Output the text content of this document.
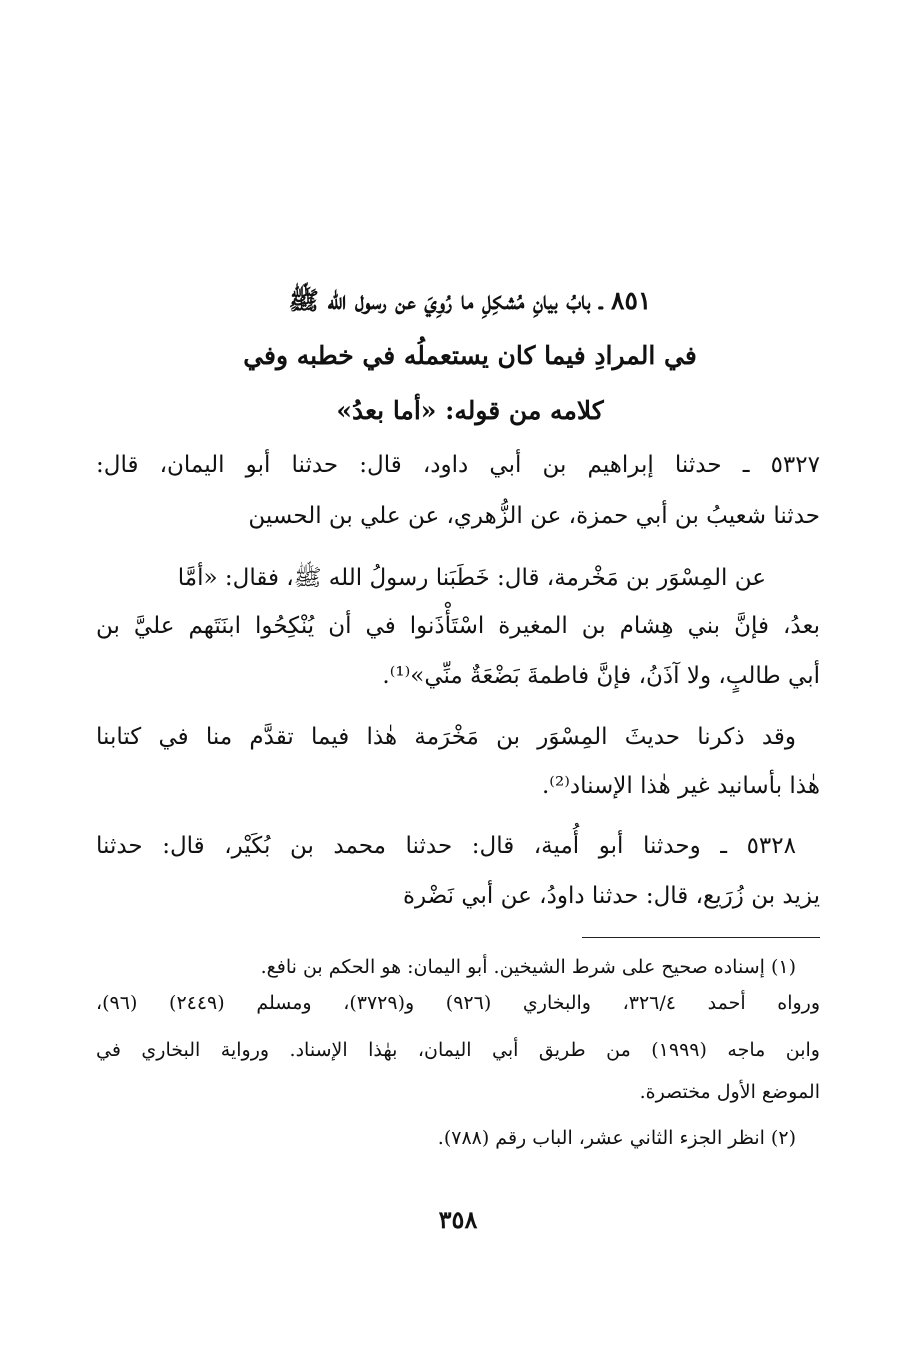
٨٥١ ـ بابُ بيانِ مُشكِلِ ما رُوِيَ عن رسول الله ﷺ
في المرادِ فيما كان يستعملُه في خطبه وفي
كلامه من قوله: «أما بعدُ»
٥٣٢٧ ـ حدثنا إبراهيم بن أبي داود، قال: حدثنا أبو اليمان، قال:
حدثنا شعيبُ بن أبي حمزة، عن الزُّهري، عن علي بن الحسين
عن المِسْوَر بن مَخْرمة، قال: خَطَبَنا رسولُ الله ﷺ، فقال: «أمَّا
بعدُ، فإنَّ بني هِشام بن المغيرة اسْتَأْذَنوا في أن يُنْكِحُوا ابنَتَهم عليَّ بن
أبي طالبٍ، ولا آذَنُ، فإنَّ فاطمةَ بَضْعَةٌ منِّي»⁽¹⁾.
وقد ذكرنا حديثَ المِسْوَر بن مَخْرَمة هٰذا فيما تقدَّم منا في كتابنا
هٰذا بأسانيد غير هٰذا الإسناد⁽²⁾.
٥٣٢٨ ـ وحدثنا أبو أُمية، قال: حدثنا محمد بن بُكَيْر، قال: حدثنا
يزيد بن زُرَيع، قال: حدثنا داودُ، عن أبي نَضْرة
(١) إسناده صحيح على شرط الشيخين. أبو اليمان: هو الحكم بن نافع.
ورواه أحمد ٣٢٦/٤، والبخاري (٩٢٦) و(٣٧٢٩)، ومسلم (٢٤٤٩) (٩٦)،
وابن ماجه (١٩٩٩) من طريق أبي اليمان، بهٰذا الإسناد. ورواية البخاري في
الموضع الأول مختصرة.
(٢) انظر الجزء الثاني عشر، الباب رقم (٧٨٨).
٣٥٨
